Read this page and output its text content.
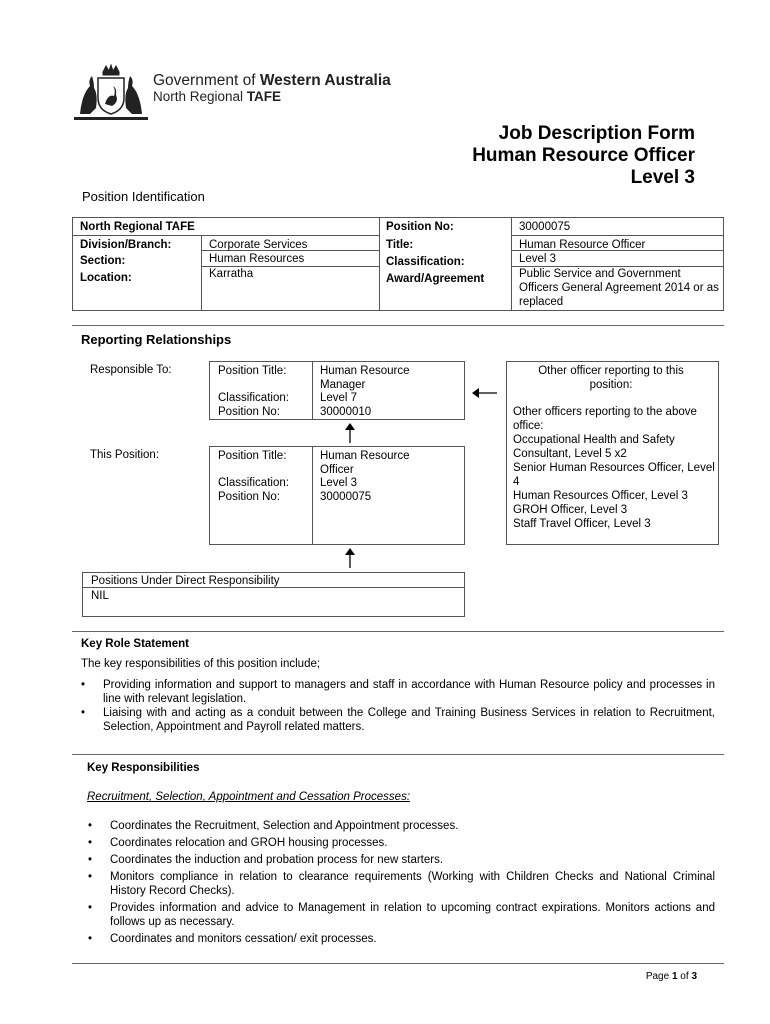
Government of Western Australia
North Regional TAFE
Job Description Form
Human Resource Officer
Level 3
Position Identification
North Regional TAFE
Division/Branch:
Section:
Location:
Corporate Services
Human Resources
Karratha
Position No:
Title:
Classification:
Award/Agreement
30000075
Human Resource Officer
Level 3
Public Service and Government Officers General Agreement 2014 or as replaced
Reporting Relationships
Responsible To:	Position Title:
Classification:
Position No:
Human Resource Manager
Level 7
30000010
This Position:	Position Title:
Classification:
Position No:
Human Resource Officer
Level 3
30000075
Other officer reporting to this position:
Other officers reporting to the above office:
Occupational Health and Safety Consultant, Level 5 x2
Senior Human Resources Officer, Level 4
Human Resources Officer, Level 3
GROH Officer, Level 3
Staff Travel Officer, Level 3
Positions Under Direct Responsibility
NIL
Key Role Statement
The key responsibilities of this position include;
• Providing information and support to managers and staff in accordance with Human Resource policy and processes in line with relevant legislation.
• Liaising with and acting as a conduit between the College and Training Business Services in relation to Recruitment, Selection, Appointment and Payroll related matters.
Key Responsibilities
Recruitment, Selection, Appointment and Cessation Processes:
• Coordinates the Recruitment, Selection and Appointment processes.
• Coordinates relocation and GROH housing processes.
• Coordinates the induction and probation process for new starters.
• Monitors compliance in relation to clearance requirements (Working with Children Checks and National Criminal History Record Checks).
• Provides information and advice to Management in relation to upcoming contract expirations. Monitors actions and follows up as necessary.
• Coordinates and monitors cessation/ exit processes.
Page 1 of 3
